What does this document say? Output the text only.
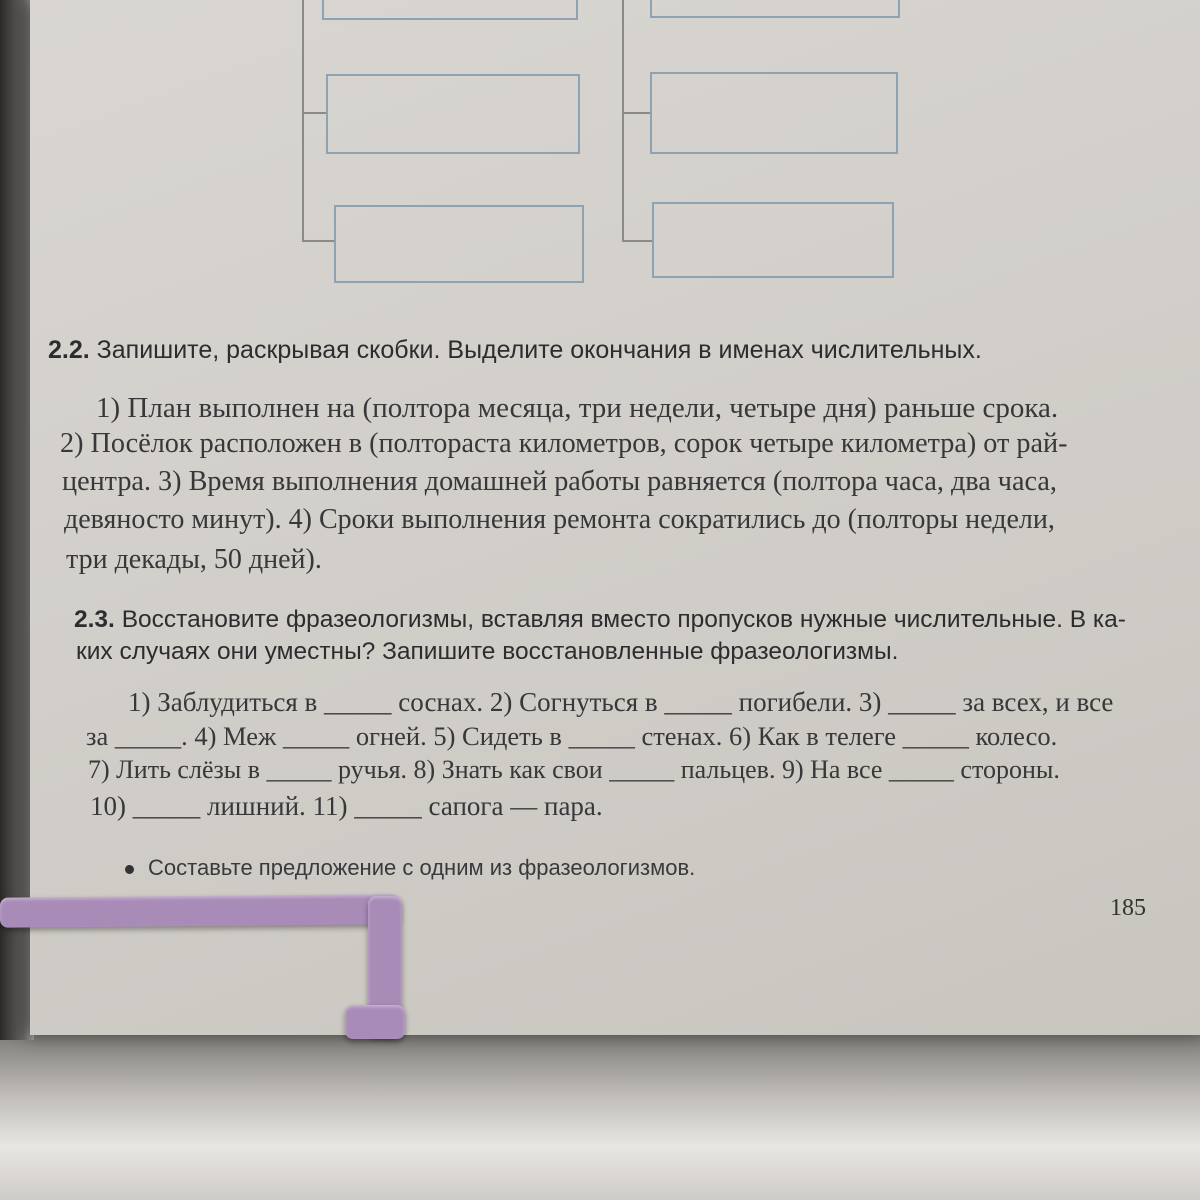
2.2. Запишите, раскрывая скобки. Выделите окончания в именах числительных.
1) План выполнен на (полтора месяца, три недели, четыре дня) раньше срока.
2) Посёлок расположен в (полтораста километров, сорок четыре километра) от рай-
центра. 3) Время выполнения домашней работы равняется (полтора часа, два часа,
девяносто минут). 4) Сроки выполнения ремонта сократились до (полторы недели,
три декады, 50 дней).
2.3. Восстановите фразеологизмы, вставляя вместо пропусков нужные числительные. В ка-
ких случаях они уместны? Запишите восстановленные фразеологизмы.
1) Заблудиться в _____ соснах. 2) Согнуться в _____ погибели. 3) _____ за всех, и все
за _____. 4) Меж _____ огней. 5) Сидеть в _____ стенах. 6) Как в телеге _____ колесо.
7) Лить слёзы в _____ ручья. 8) Знать как свои _____ пальцев. 9) На все _____ стороны.
10) _____ лишний. 11) _____ сапога — пара.
Составьте предложение с одним из фразеологизмов.
185
